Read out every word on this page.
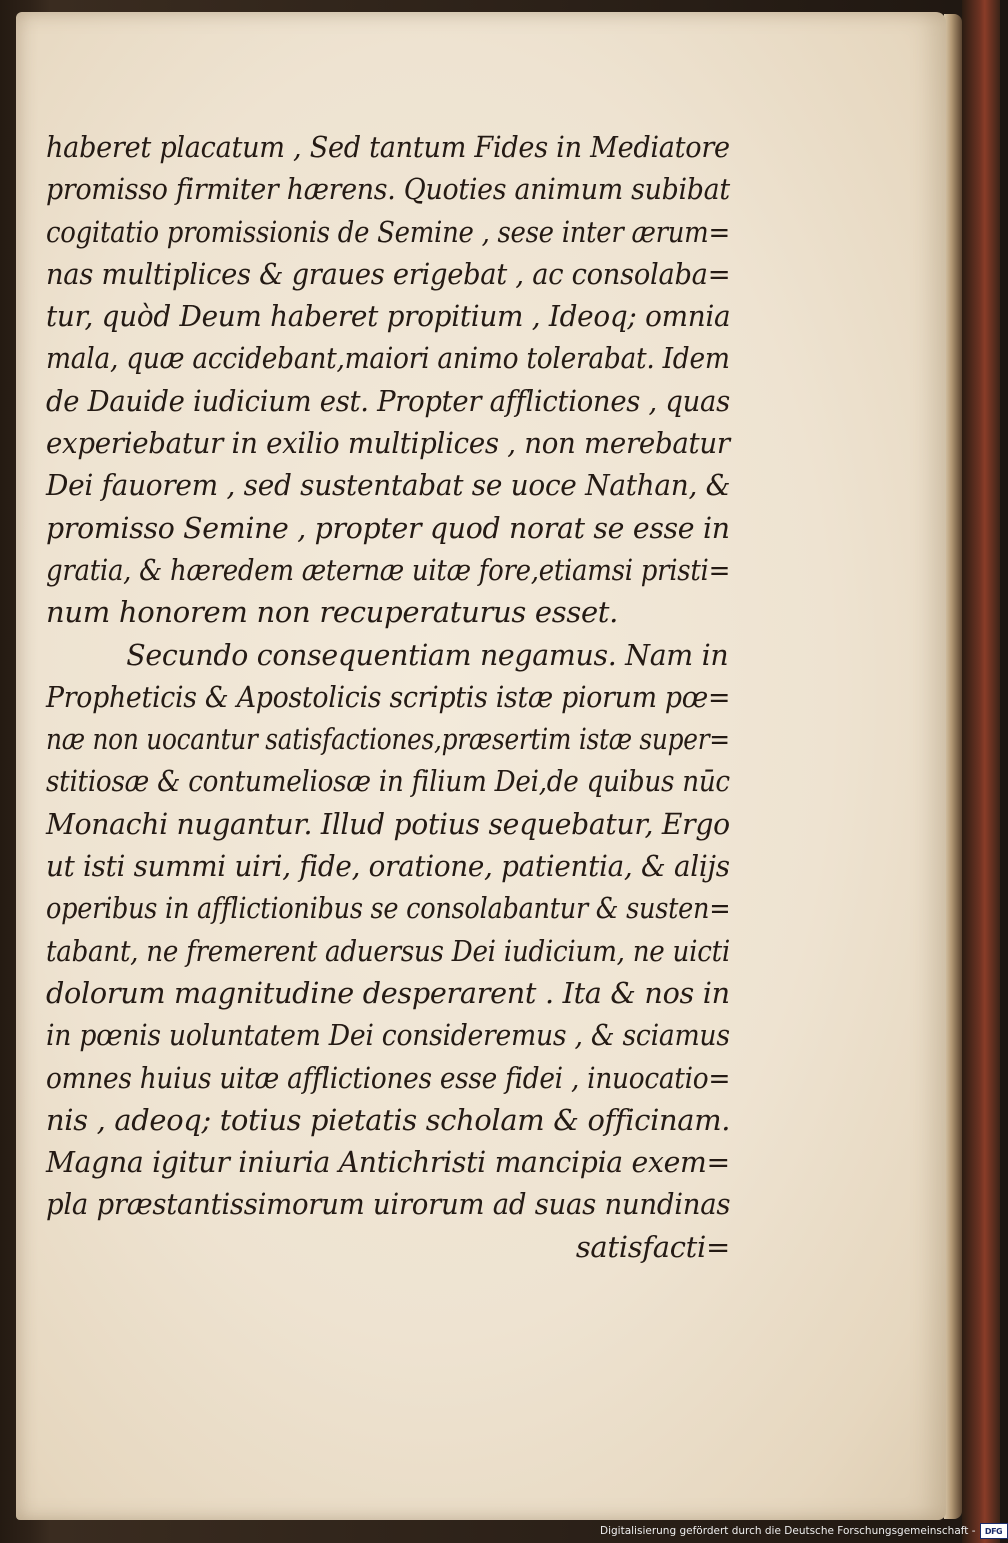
haberet placatum , Sed tantum Fides in Mediatore
promisso firmiter hærens. Quoties animum subibat
cogitatio promissionis de Semine , sese inter ærum=
nas multiplices & graues erigebat , ac consolaba=
tur, quòd Deum haberet propitium , Ideoq; omnia
mala, quæ accidebant,maiori animo tolerabat. Idem
de Dauide iudicium est. Propter afflictiones , quas
experiebatur in exilio multiplices , non merebatur
Dei fauorem , sed sustentabat se uoce Nathan, &
promisso Semine , propter quod norat se esse in
gratia, & hæredem æternæ uitæ fore,etiamsi pristi=
num honorem non recuperaturus esset.
Secundo consequentiam negamus. Nam in
Propheticis & Apostolicis scriptis istæ piorum pœ=
næ non uocantur satisfactiones,præsertim istæ super=
stitiosæ & contumeliosæ in filium Dei,de quibus nūc
Monachi nugantur. Illud potius sequebatur, Ergo
ut isti summi uiri, fide, oratione, patientia, & alijs
operibus in afflictionibus se consolabantur & susten=
tabant, ne fremerent aduersus Dei iudicium, ne uicti
dolorum magnitudine desperarent . Ita & nos in
in pœnis uoluntatem Dei consideremus , & sciamus
omnes huius uitæ afflictiones esse fidei , inuocatio=
nis , adeoq; totius pietatis scholam & officinam.
Magna igitur iniuria Antichristi mancipia exem=
pla præstantissimorum uirorum ad suas nundinas
satisfacti=
Digitalisierung gefördert durch die Deutsche Forschungsgemeinschaft -	DFG
